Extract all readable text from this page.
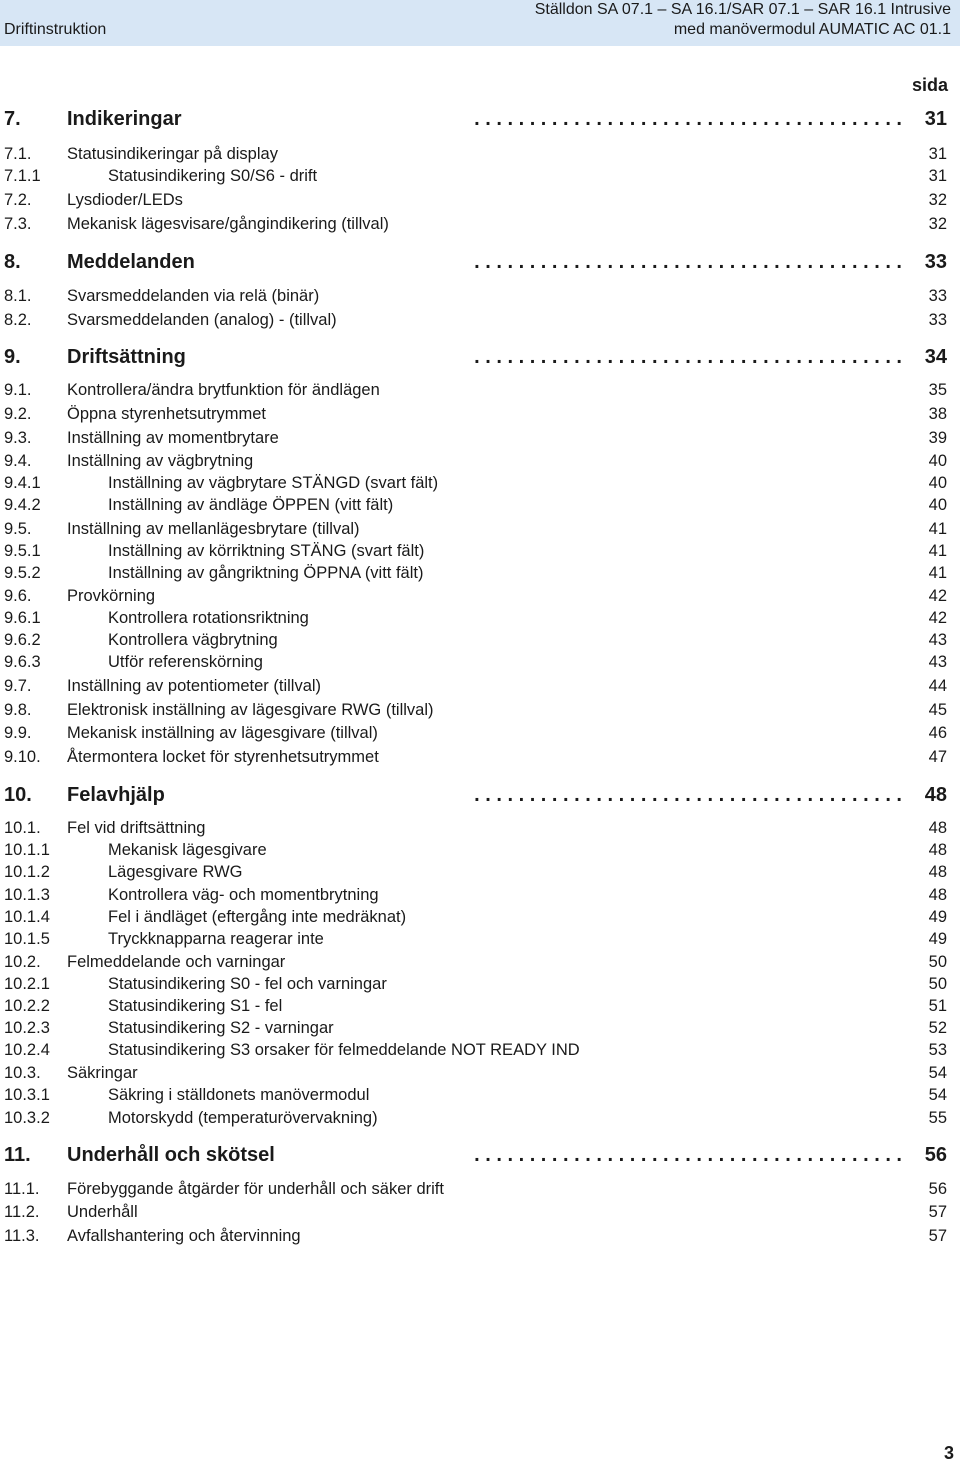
Driftinstruktion
Ställdon SA 07.1 – SA 16.1/SAR 07.1 – SAR 16.1 Intrusive
med manövermodul AUMATIC AC 01.1
sida
7. Indikeringar	. . . . . . . . . . . . . . . . . . . . . . . . . . . . . . . . . . . . . . . 31
7.1. Statusindikeringar på display	31
7.1.1	Statusindikering S0/S6 - drift	31
7.2. Lysdioder/LEDs	32
7.3. Mekanisk lägesvisare/gångindikering (tillval)	32
8. Meddelanden	. . . . . . . . . . . . . . . . . . . . . . . . . . . . . . . . . . . . . . . 33
8.1. Svarsmeddelanden via relä (binär)	33
8.2. Svarsmeddelanden (analog) - (tillval)	33
9. Driftsättning	. . . . . . . . . . . . . . . . . . . . . . . . . . . . . . . . . . . . . . . 34
9.1. Kontrollera/ändra brytfunktion för ändlägen	35
9.2. Öppna styrenhetsutrymmet	38
9.3. Inställning av momentbrytare	39
9.4. Inställning av vägbrytning	40
9.4.1	Inställning av vägbrytare STÄNGD (svart fält)	40
9.4.2	Inställning av ändläge ÖPPEN (vitt fält)	40
9.5. Inställning av mellanlägesbrytare (tillval)	41
9.5.1	Inställning av körriktning STÄNG (svart fält)	41
9.5.2	Inställning av gångriktning ÖPPNA (vitt fält)	41
9.6. Provkörning	42
9.6.1	Kontrollera rotationsriktning	42
9.6.2	Kontrollera vägbrytning	43
9.6.3	Utför referenskörning	43
9.7. Inställning av potentiometer (tillval)	44
9.8. Elektronisk inställning av lägesgivare RWG (tillval)	45
9.9. Mekanisk inställning av lägesgivare (tillval)	46
9.10. Återmontera locket för styrenhetsutrymmet	47
10. Felavhjälp	. . . . . . . . . . . . . . . . . . . . . . . . . . . . . . . . . . . . . . . 48
10.1. Fel vid driftsättning	48
10.1.1	Mekanisk lägesgivare	48
10.1.2	Lägesgivare RWG	48
10.1.3	Kontrollera väg- och momentbrytning	48
10.1.4	Fel i ändläget (eftergång inte medräknat)	49
10.1.5	Tryckknapparna reagerar inte	49
10.2. Felmeddelande och varningar	50
10.2.1	Statusindikering S0 - fel och varningar	50
10.2.2	Statusindikering S1 - fel	51
10.2.3	Statusindikering S2 - varningar	52
10.2.4	Statusindikering S3 orsaker för felmeddelande NOT READY IND	53
10.3. Säkringar	54
10.3.1	Säkring i ställdonets manövermodul	54
10.3.2	Motorskydd (temperaturövervakning)	55
11. Underhåll och skötsel	. . . . . . . . . . . . . . . . . . . . . . . . . . . . . . . . . . . . . . . 56
11.1. Förebyggande åtgärder för underhåll och säker drift	56
11.2. Underhåll	57
11.3. Avfallshantering och återvinning	57
3
